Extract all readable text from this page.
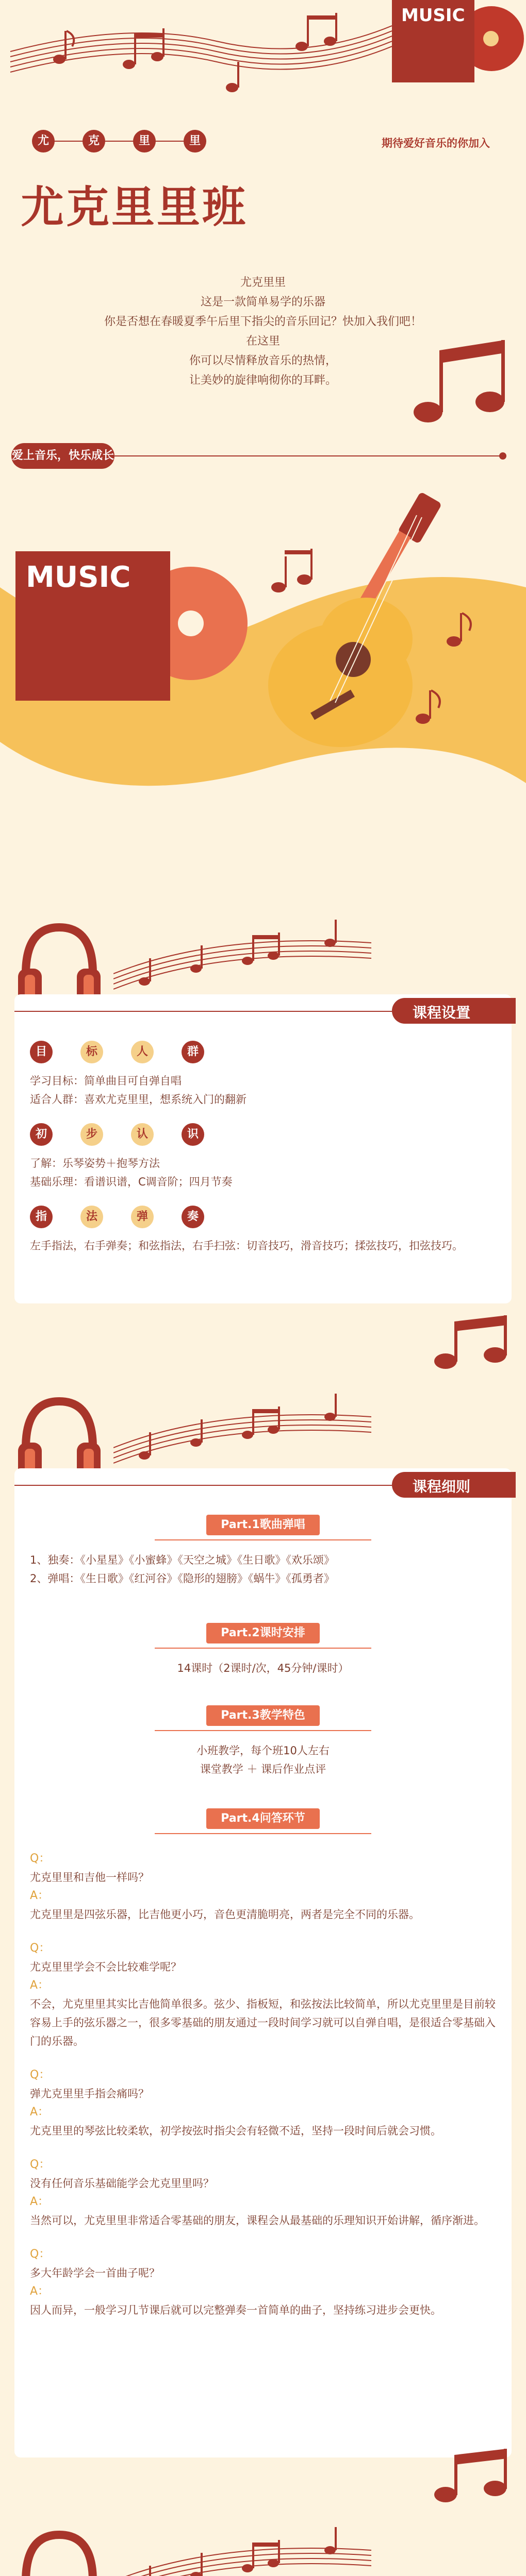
MUSIC
尤	克	里	里	期待爱好音乐的你加入
尤克里里班
尤克里里
这是一款简单易学的乐器
你是否想在春暖夏季午后里下指尖的音乐回记？快加入我们吧！
在这里
你可以尽情释放音乐的热情，
让美妙的旋律响彻你的耳畔。
爱上音乐，快乐成长
MUSIC
课程设置
目	标	人	群
学习目标：简单曲目可自弹自唱
适合人群：喜欢尤克里里，想系统入门的翻新
初	步	认	识
了解：乐琴姿势＋抱琴方法
基础乐理：看谱识谱，C调音阶；四月节奏
指	法	弹	奏
左手指法，右手弹奏；和弦指法，右手扫弦：切音技巧，滑音技巧；揉弦技巧，扣弦技巧。
课程细则
Part.1歌曲弹唱
1、独奏：《小星星》《小蜜蜂》《天空之城》《生日歌》《欢乐颂》
2、弹唱：《生日歌》《红河谷》《隐形的翅膀》《蜗牛》《孤勇者》
Part.2课时安排
14课时（2课时/次，45分钟/课时）
Part.3教学特色
小班教学，每个班10人左右
课堂教学 ＋ 课后作业点评
Part.4问答环节
Q：
尤克里里和吉他一样吗？
A：
尤克里里是四弦乐器，比吉他更小巧，音色更清脆明亮，两者是完全不同的乐器。
Q：
尤克里里学会不会比较难学呢？
A：
不会，尤克里里其实比吉他简单很多。弦少、指板短，和弦按法比较简单，所以尤克里里是目前较容易上手的弦乐器之一，很多零基础的朋友通过一段时间学习就可以自弹自唱，是很适合零基础入门的乐器。
Q：
弹尤克里里手指会痛吗？
A：
尤克里里的琴弦比较柔软，初学按弦时指尖会有轻微不适，坚持一段时间后就会习惯。
Q：
没有任何音乐基础能学会尤克里里吗？
A：
当然可以，尤克里里非常适合零基础的朋友，课程会从最基础的乐理知识开始讲解，循序渐进。
Q：
多大年龄学会一首曲子呢？
A：
因人而异，一般学习几节课后就可以完整弹奏一首简单的曲子，坚持练习进步会更快。
